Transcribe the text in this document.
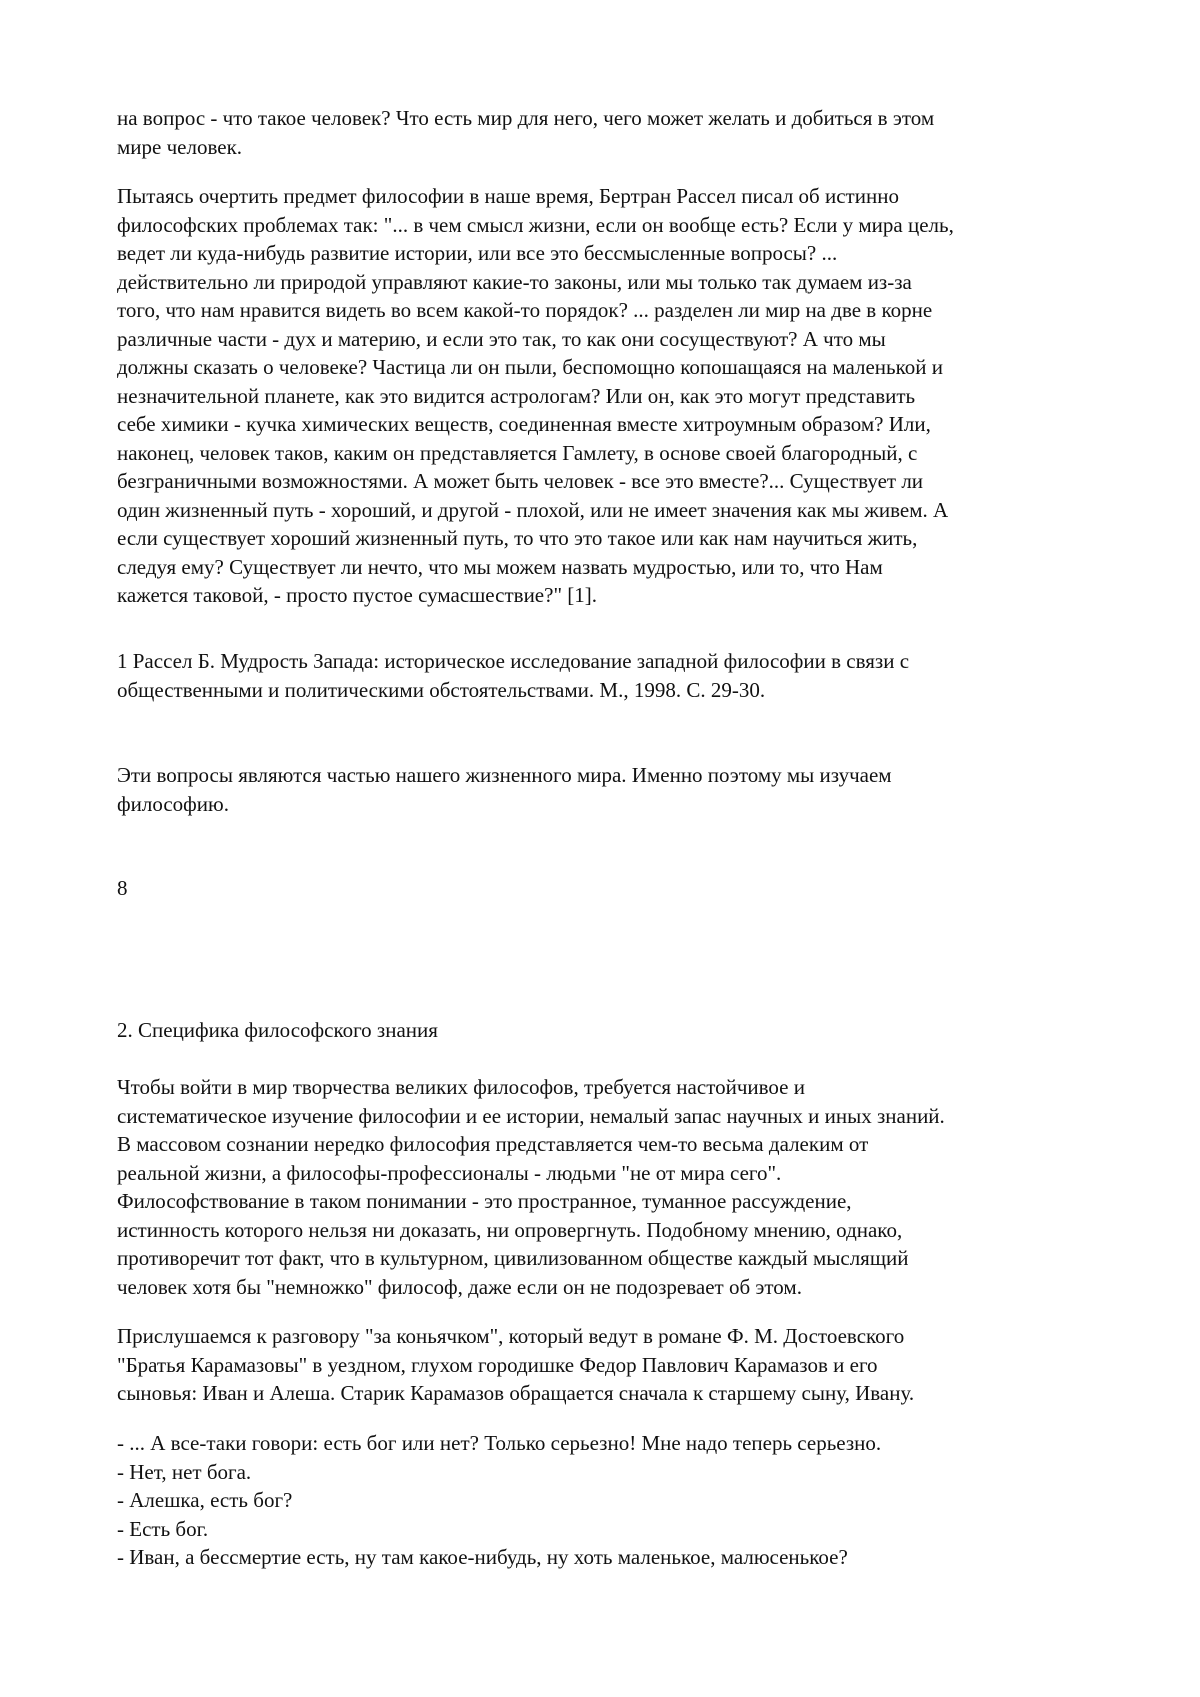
на вопрос - что такое человек? Что есть мир для него, чего может желать и добиться в этом
мире человек.
Пытаясь очертить предмет философии в наше время, Бертран Рассел писал об истинно
философских проблемах так: "... в чем смысл жизни, если он вообще есть? Если у мира цель,
ведет ли куда-нибудь развитие истории, или все это бессмысленные вопросы? ...
действительно ли природой управляют какие-то законы, или мы только так думаем из-за
того, что нам нравится видеть во всем какой-то порядок? ... разделен ли мир на две в корне
различные части - дух и материю, и если это так, то как они сосуществуют? А что мы
должны сказать о человеке? Частица ли он пыли, беспомощно копошащаяся на маленькой и
незначительной планете, как это видится астрологам? Или он, как это могут представить
себе химики - кучка химических веществ, соединенная вместе хитроумным образом? Или,
наконец, человек таков, каким он представляется Гамлету, в основе своей благородный, с
безграничными возможностями. А может быть человек - все это вместе?... Существует ли
один жизненный путь - хороший, и другой - плохой, или не имеет значения как мы живем. А
если существует хороший жизненный путь, то что это такое или как нам научиться жить,
следуя ему? Существует ли нечто, что мы можем назвать мудростью, или то, что Нам
кажется таковой, - просто пустое сумасшествие?" [1].
1 Рассел Б. Мудрость Запада: историческое исследование западной философии в связи с
общественными и политическими обстоятельствами. М., 1998. С. 29-30.
Эти вопросы являются частью нашего жизненного мира. Именно поэтому мы изучаем
философию.
8
2. Специфика философского знания
Чтобы войти в мир творчества великих философов, требуется настойчивое и
систематическое изучение философии и ее истории, немалый запас научных и иных знаний.
В массовом сознании нередко философия представляется чем-то весьма далеким от
реальной жизни, а философы-профессионалы - людьми "не от мира сего".
Философствование в таком понимании - это пространное, туманное рассуждение,
истинность которого нельзя ни доказать, ни опровергнуть. Подобному мнению, однако,
противоречит тот факт, что в культурном, цивилизованном обществе каждый мыслящий
человек хотя бы "немножко" философ, даже если он не подозревает об этом.
Прислушаемся к разговору "за коньячком", который ведут в романе Ф. М. Достоевского
"Братья Карамазовы" в уездном, глухом городишке Федор Павлович Карамазов и его
сыновья: Иван и Алеша. Старик Карамазов обращается сначала к старшему сыну, Ивану.
- ... А все-таки говори: есть бог или нет? Только серьезно! Мне надо теперь серьезно.
- Нет, нет бога.
- Алешка, есть бог?
- Есть бог.
- Иван, а бессмертие есть, ну там какое-нибудь, ну хоть маленькое, малюсенькое?
